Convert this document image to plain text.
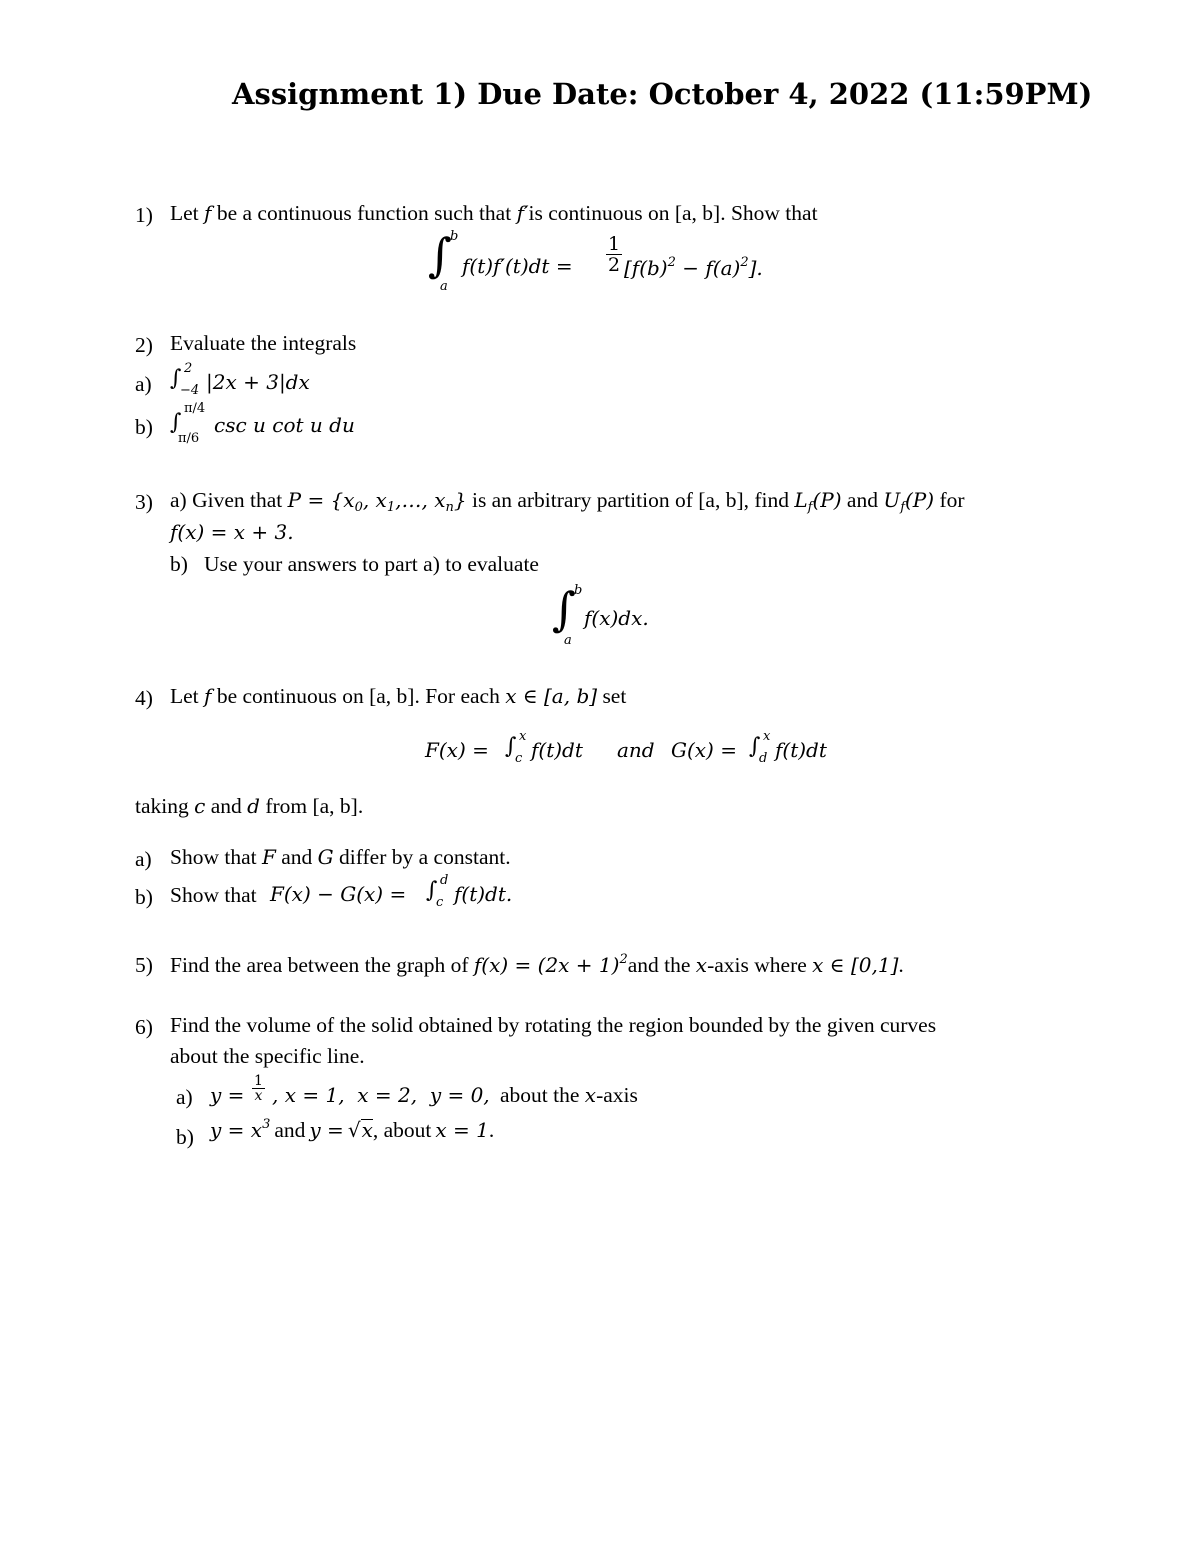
Assignment 1) Due Date: October 4, 2022 (11:59PM)
1) Let f be a continuous function such that f′is continuous on [a, b]. Show that
∫
b
a
$f(t)f'(t)dt = \frac{1}{2} [f(b)^2 - f(a)^2]$.
2) Evaluate the integrals
a) ∫ 2
−4 |2x + 3|dx
b) ∫
π/4
π/6
csc u cot u du
3) a) Given that $P = \{x_0$, $x_1,\dots$, $x_n$} is an arbitrary partition of [a, b], find $L_f(P)$ and $U_f(P)$ for
f(x) = x + 3.
b)   Use your answers to part a) to evaluate
∫
b
a
f(x)dx.
4) Let f be continuous on [a, b]. For each x ∈ [a, b] set
F(x) = ∫ x
c f(t)dt and G(x) = ∫ x
d f(t)dt
taking c and d from [a, b].
a) Show that F and G differ by a constant.
b) Show that F(x) − G(x) = ∫ d
c f(t)dt.
5) Find the area between the graph of $f(x) = (2x + 1)^2and$ the x-axis where x ∈ [0,1].
6) Find the volume of the solid obtained by rotating the region bounded by the given curves
about the specific line.
a) $y = \frac{1}{x}$ , x = 1,  x = 2,  y = 0, about the x-axis
b) $y = x^3$ and y = √x, about x = 1.
